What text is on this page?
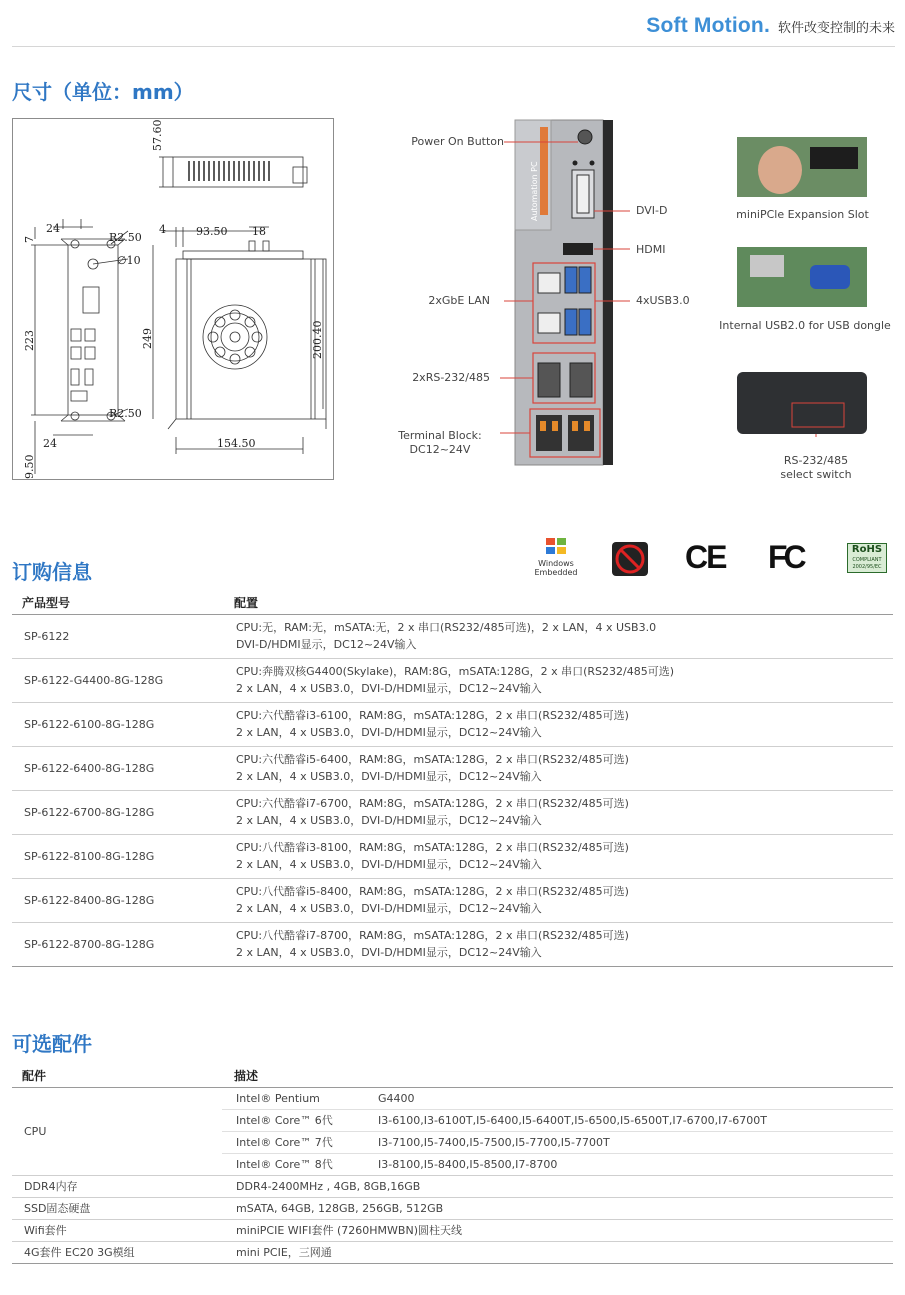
Soft Motion. 软件改变控制的未来
尺寸（单位：mm）
57.60
24
7	R2.50
∅10
223
R2.50
24
9.50
4	93.50 18
249	200.40
154.50
Power On Button
DVI-D
HDMI
2xGbE LAN	4xUSB3.0
2xRS-232/485
Terminal Block:
DC12~24V
miniPCle Expansion Slot
Internal USB2.0 for USB dongle
RS-232/485
select switch
Automation PC
订购信息	Windows
Embedded	CE FC	RoHS
COMPLIANT
2002/95/EC
产品型号	配置
SP-6122	CPU:无，RAM:无，mSATA:无，2 x 串口(RS232/485可选)，2 x LAN，4 x USB3.0
DVI-D/HDMI显示，DC12~24V输入

SP-6122-G4400-8G-128G	CPU:奔腾双核G4400(Skylake)，RAM:8G，mSATA:128G，2 x 串口(RS232/485可选)
2 x LAN，4 x USB3.0，DVI-D/HDMI显示，DC12~24V输入

SP-6122-6100-8G-128G	CPU:六代酷睿i3-6100，RAM:8G，mSATA:128G，2 x 串口(RS232/485可选)
2 x LAN，4 x USB3.0，DVI-D/HDMI显示，DC12~24V输入

SP-6122-6400-8G-128G	CPU:六代酷睿i5-6400，RAM:8G，mSATA:128G，2 x 串口(RS232/485可选)
2 x LAN，4 x USB3.0，DVI-D/HDMI显示，DC12~24V输入

SP-6122-6700-8G-128G	CPU:六代酷睿i7-6700，RAM:8G，mSATA:128G，2 x 串口(RS232/485可选)
2 x LAN，4 x USB3.0，DVI-D/HDMI显示，DC12~24V输入

SP-6122-8100-8G-128G	CPU:八代酷睿i3-8100，RAM:8G，mSATA:128G，2 x 串口(RS232/485可选)
2 x LAN，4 x USB3.0，DVI-D/HDMI显示，DC12~24V输入

SP-6122-8400-8G-128G	CPU:八代酷睿i5-8400，RAM:8G，mSATA:128G，2 x 串口(RS232/485可选)
2 x LAN，4 x USB3.0，DVI-D/HDMI显示，DC12~24V输入

SP-6122-8700-8G-128G	CPU:八代酷睿i7-8700，RAM:8G，mSATA:128G，2 x 串口(RS232/485可选)
2 x LAN，4 x USB3.0，DVI-D/HDMI显示，DC12~24V输入
可选配件
配件	描述	
CPU	Intel® Pentium	G4400
	Intel® Core™ 6代	I3-6100,I3-6100T,I5-6400,I5-6400T,I5-6500,I5-6500T,I7-6700,I7-6700T
	Intel® Core™ 7代	I3-7100,I5-7400,I5-7500,I5-7700,I5-7700T
	Intel® Core™ 8代	I3-8100,I5-8400,I5-8500,I7-8700
DDR4内存	DDR4-2400MHz , 4GB, 8GB,16GB	
SSD固态硬盘	mSATA, 64GB, 128GB, 256GB, 512GB	
Wifi套件	miniPCIE WIFI套件 (7260HMWBN)圆柱天线	
4G套件 EC20 3G模组	mini PCIE，三网通	
